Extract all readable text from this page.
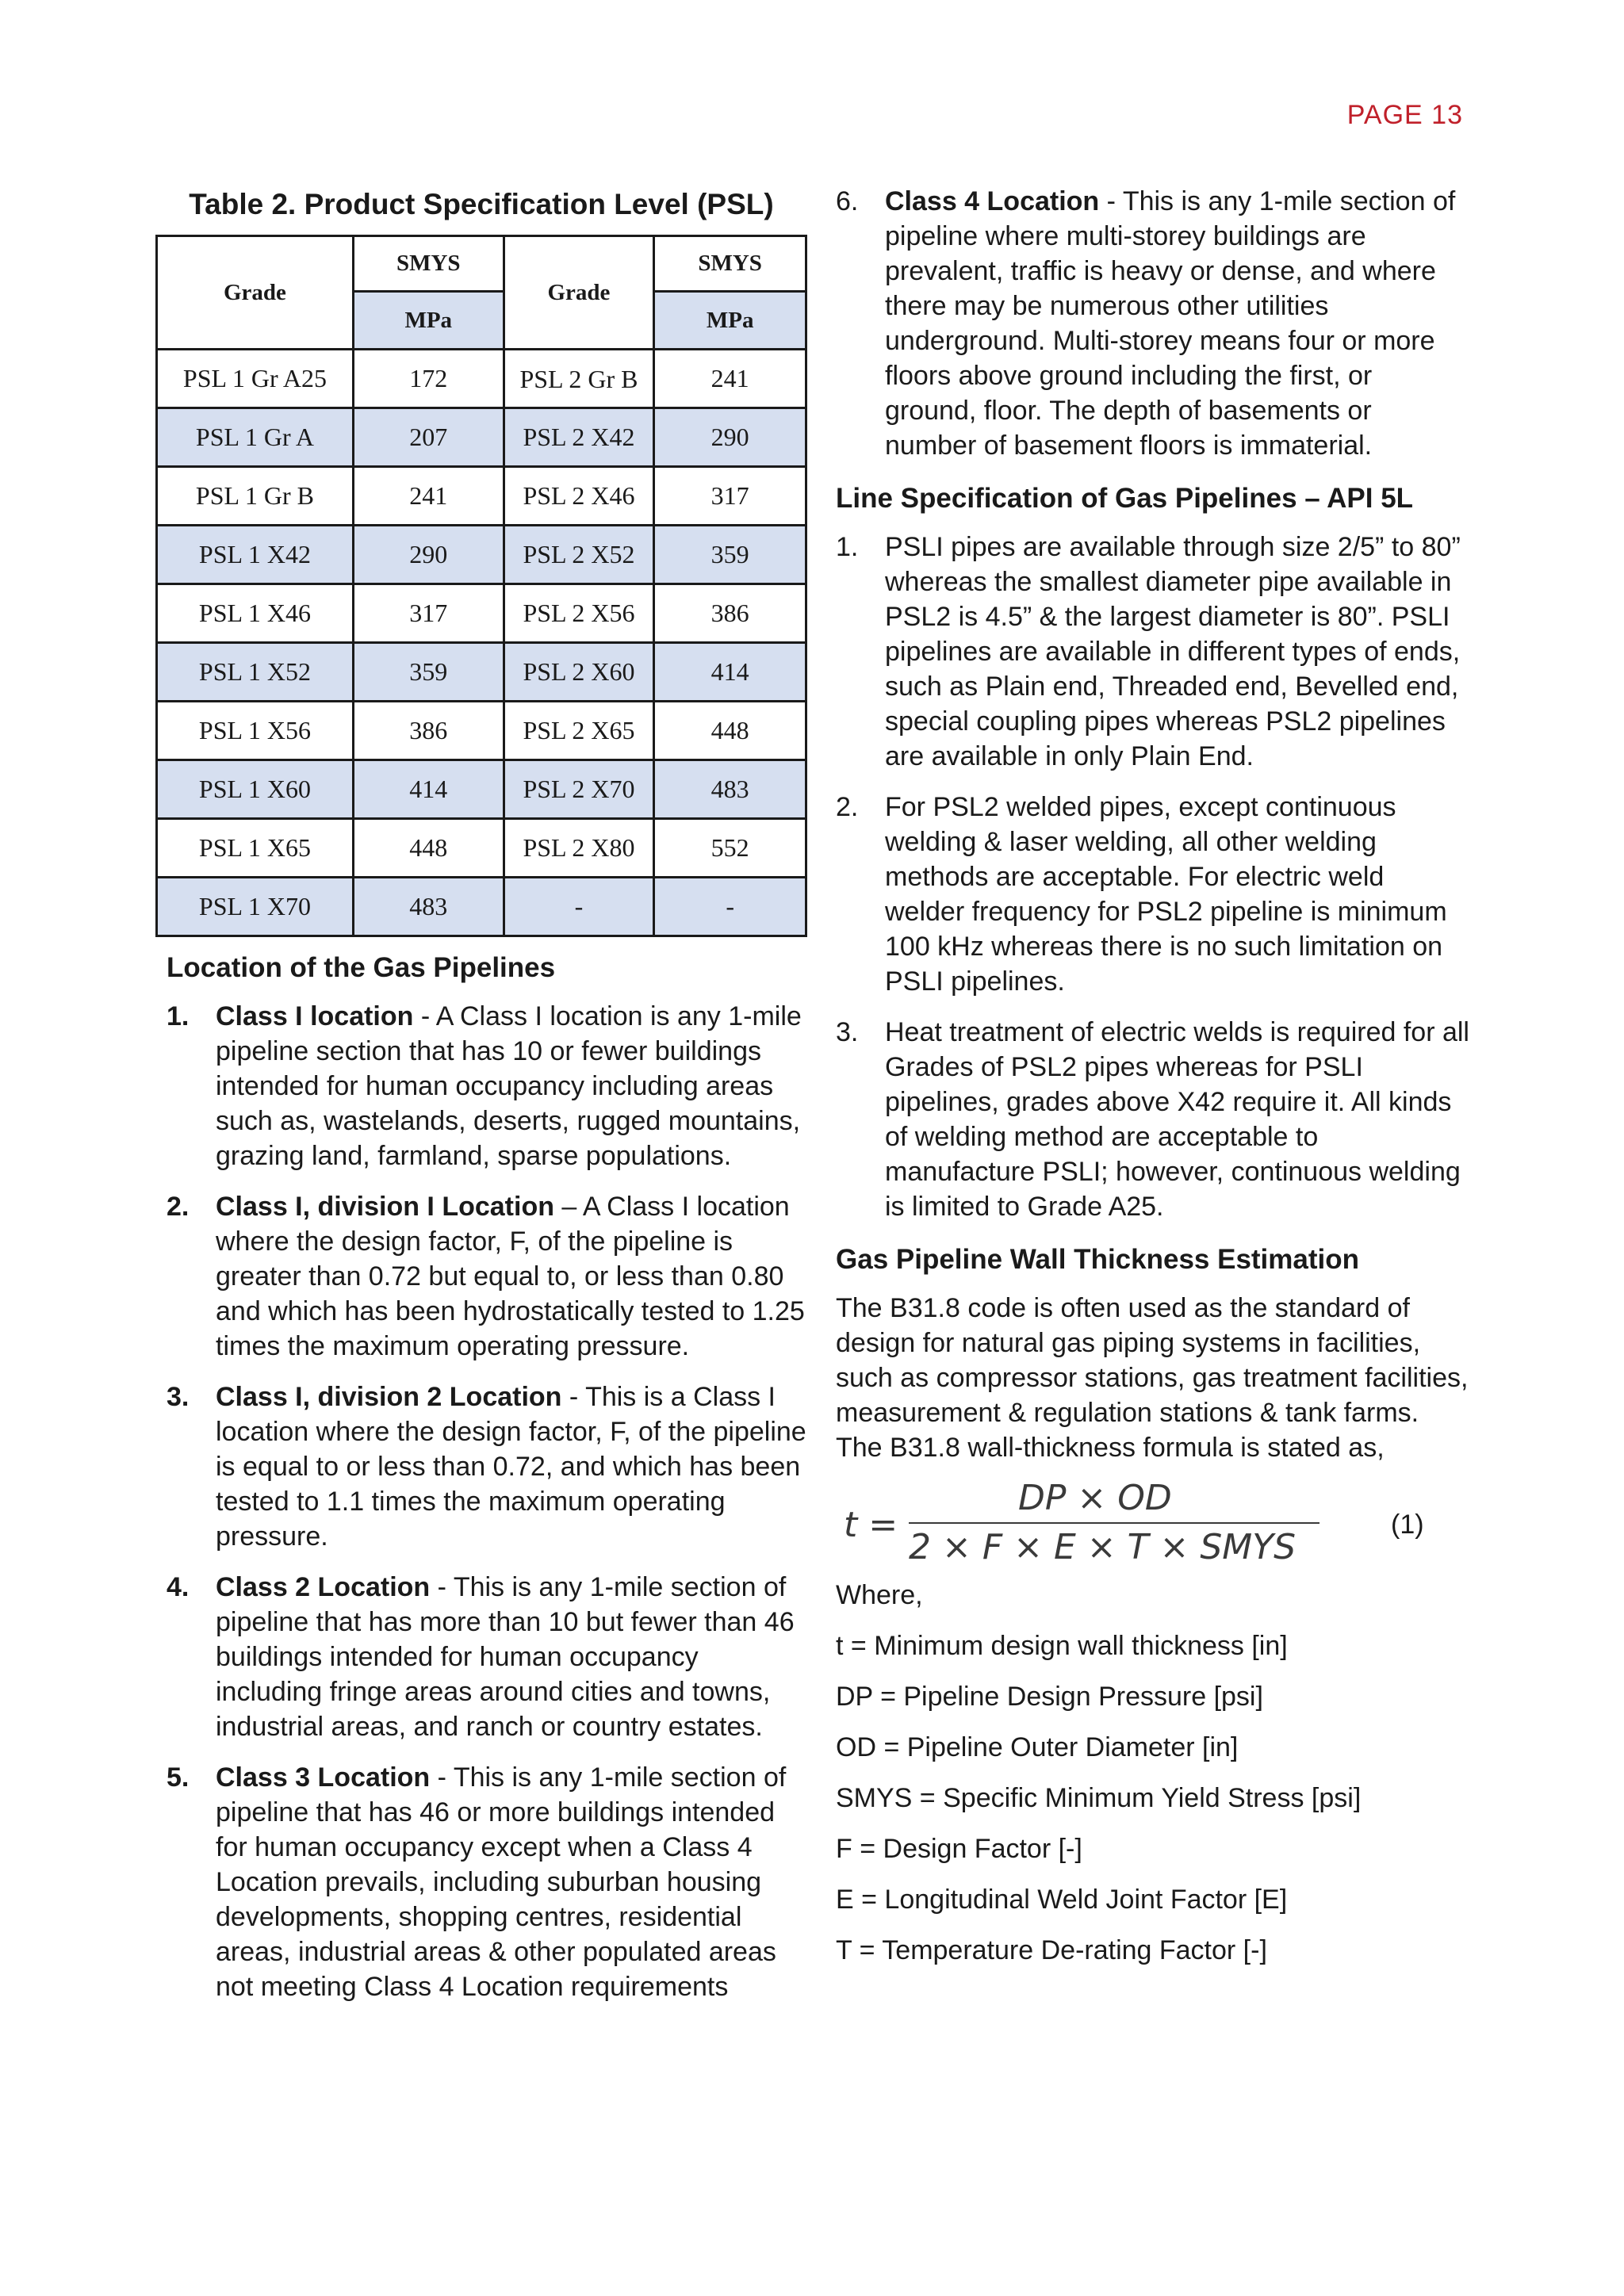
PAGE 13
Table 2. Product Specification Level (PSL)
Grade	SMYS	Grade	SMYS
	MPa		MPa
PSL 1 Gr A25	172	PSL 2 Gr B	241
PSL 1 Gr A	207	PSL 2 X42	290
PSL 1 Gr B	241	PSL 2 X46	317
PSL 1 X42	290	PSL 2 X52	359
PSL 1 X46	317	PSL 2 X56	386
PSL 1 X52	359	PSL 2 X60	414
PSL 1 X56	386	PSL 2 X65	448
PSL 1 X60	414	PSL 2 X70	483
PSL 1 X65	448	PSL 2 X80	552
PSL 1 X70	483	-	-
Location of the Gas Pipelines
1. Class I location - A Class I location is any 1-mile pipeline section that has 10 or fewer buildings intended for human occupancy including areas such as, wastelands, deserts, rugged mountains, grazing land, farmland, sparse populations.
2. Class I, division I Location – A Class I location where the design factor, F, of the pipeline is greater than 0.72 but equal to, or less than 0.80 and which has been hydrostatically tested to 1.25 times the maximum operating pressure.
3. Class I, division 2 Location - This is a Class I location where the design factor, F, of the pipeline is equal to or less than 0.72, and which has been tested to 1.1 times the maximum operating pressure.
4. Class 2 Location - This is any 1-mile section of pipeline that has more than 10 but fewer than 46 buildings intended for human occupancy including fringe areas around cities and towns, industrial areas, and ranch or country estates.
5. Class 3 Location - This is any 1-mile section of pipeline that has 46 or more buildings intended for human occupancy except when a Class 4 Location prevails, including suburban housing developments, shopping centres, residential areas, industrial areas & other populated areas not meeting Class 4 Location requirements
6. Class 4 Location - This is any 1-mile section of pipeline where multi-storey buildings are prevalent, traffic is heavy or dense, and where there may be numerous other utilities underground. Multi-storey means four or more floors above ground including the first, or ground, floor. The depth of basements or number of basement floors is immaterial.
Line Specification of Gas Pipelines – API 5L
1. PSLI pipes are available through size 2/5” to 80” whereas the smallest diameter pipe available in PSL2 is 4.5” & the largest diameter is 80”. PSLI pipelines are available in different types of ends, such as Plain end, Threaded end, Bevelled end, special coupling pipes whereas PSL2 pipelines are available in only Plain End.
2. For PSL2 welded pipes, except continuous welding & laser welding, all other welding methods are acceptable. For electric weld welder frequency for PSL2 pipeline is minimum 100 kHz whereas there is no such limitation on PSLI pipelines.
3. Heat treatment of electric welds is required for all Grades of PSL2 pipes whereas for PSLI pipelines, grades above X42 require it. All kinds of welding method are acceptable to manufacture PSLI; however, continuous welding is limited to Grade A25.
Gas Pipeline Wall Thickness Estimation

The B31.8 code is often used as the standard of design for natural gas piping systems in facilities, such as compressor stations, gas treatment facilities, measurement & regulation stations & tank farms. The B31.8 wall-thickness formula is stated as,

t =
DP × OD
2 × F × E × T × SMYS
(1)

Where,

t = Minimum design wall thickness [in]

DP = Pipeline Design Pressure [psi]

OD = Pipeline Outer Diameter [in]

SMYS = Specific Minimum Yield Stress [psi]

F = Design Factor [-]

E = Longitudinal Weld Joint Factor [E]

T = Temperature De-rating Factor [-]
